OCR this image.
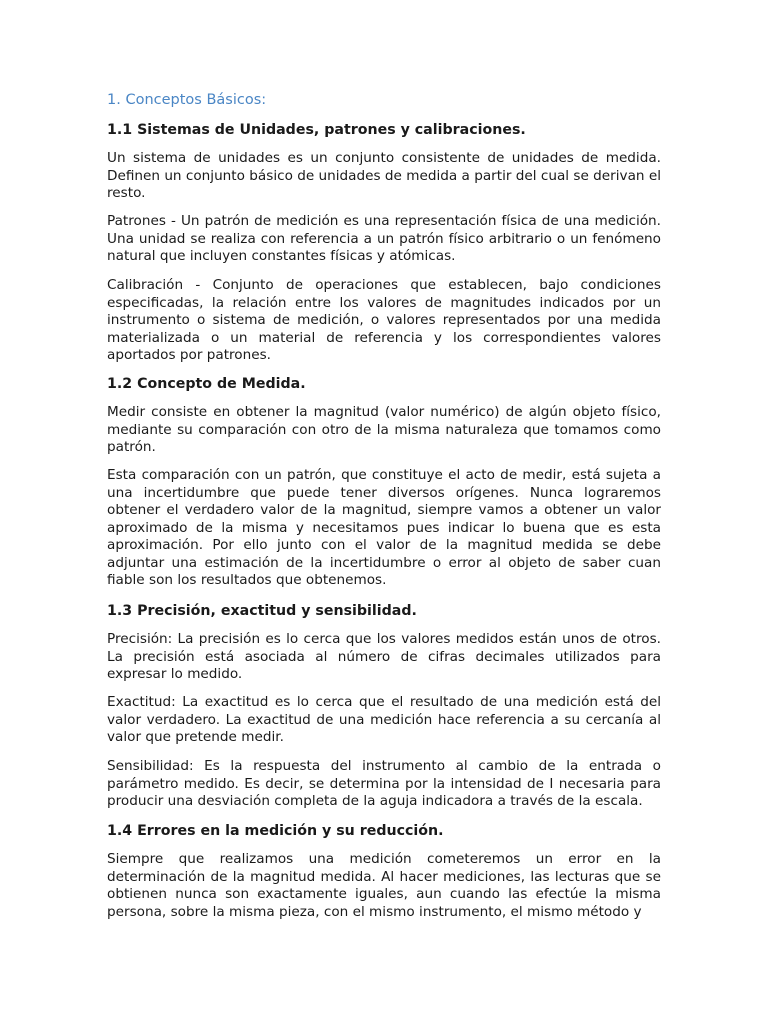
1. Conceptos Básicos:
1.1 Sistemas de Unidades, patrones y calibraciones.

Un sistema de unidades es un conjunto consistente de unidades de medida. Definen un conjunto básico de unidades de medida a partir del cual se derivan el resto.

Patrones - Un patrón de medición es una representación física de una medición. Una unidad se realiza con referencia a un patrón físico arbitrario o un fenómeno natural que incluyen constantes físicas y atómicas.

Calibración - Conjunto de operaciones que establecen, bajo condiciones especificadas, la relación entre los valores de magnitudes indicados por un instrumento o sistema de medición, o valores representados por una medida materializada o un material de referencia y los correspondientes valores aportados por patrones.

1.2 Concepto de Medida.

Medir consiste en obtener la magnitud (valor numérico) de algún objeto físico, mediante su comparación con otro de la misma naturaleza que tomamos como patrón.

Esta comparación con un patrón, que constituye el acto de medir, está sujeta a una incertidumbre que puede tener diversos orígenes. Nunca lograremos obtener el verdadero valor de la magnitud, siempre vamos a obtener un valor aproximado de la misma y necesitamos pues indicar lo buena que es esta aproximación. Por ello junto con el valor de la magnitud medida se debe adjuntar una estimación de la incertidumbre o error al objeto de saber cuan fiable son los resultados que obtenemos.

1.3 Precisión, exactitud y sensibilidad.

Precisión: La precisión es lo cerca que los valores medidos están unos de otros. La precisión está asociada al número de cifras decimales utilizados para expresar lo medido.

Exactitud: La exactitud es lo cerca que el resultado de una medición está del valor verdadero. La exactitud de una medición hace referencia a su cercanía al valor que pretende medir.

Sensibilidad: Es la respuesta del instrumento al cambio de la entrada o parámetro medido. Es decir, se determina por la intensidad de I necesaria para producir una desviación completa de la aguja indicadora a través de la escala.

1.4 Errores en la medición y su reducción.

Siempre que realizamos una medición cometeremos un error en la determinación de la magnitud medida. Al hacer mediciones, las lecturas que se obtienen nunca son exactamente iguales, aun cuando las efectúe la misma persona, sobre la misma pieza, con el mismo instrumento, el mismo método y
